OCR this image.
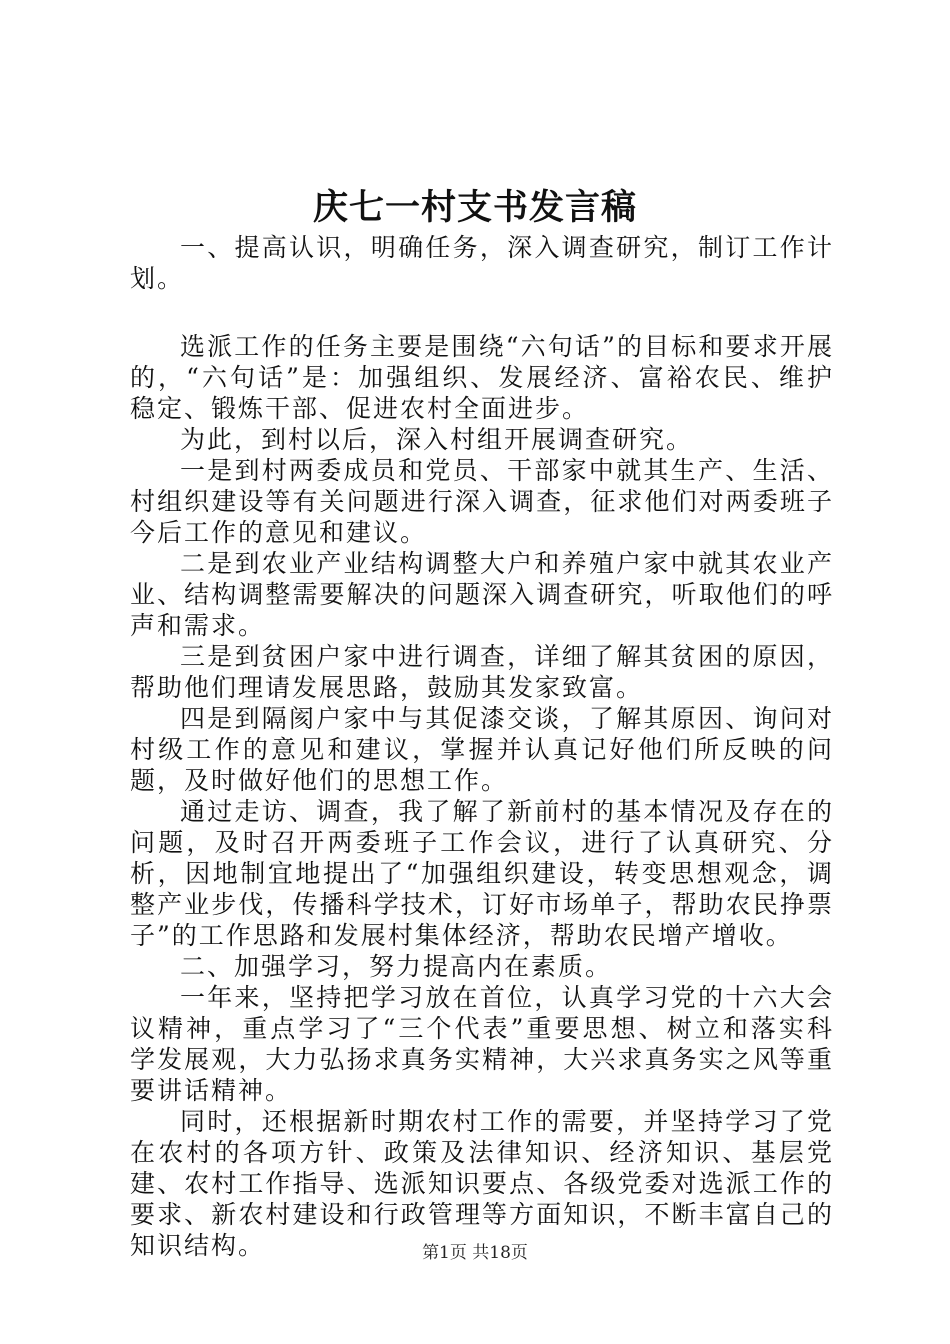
庆七一村支书发言稿

一、提高认识，明确任务，深入调查研究，制订工作计划。

选派工作的任务主要是围绕“六句话”的目标和要求开展的，“六句话”是：加强组织、发展经济、富裕农民、维护稳定、锻炼干部、促进农村全面进步。

为此，到村以后，深入村组开展调查研究。

一是到村两委成员和党员、干部家中就其生产、生活、村组织建设等有关问题进行深入调查，征求他们对两委班子今后工作的意见和建议。

二是到农业产业结构调整大户和养殖户家中就其农业产业、结构调整需要解决的问题深入调查研究，听取他们的呼声和需求。

三是到贫困户家中进行调查，详细了解其贫困的原因，帮助他们理请发展思路，鼓励其发家致富。

四是到隔阂户家中与其促漆交谈，了解其原因、询问对村级工作的意见和建议，掌握并认真记好他们所反映的问题，及时做好他们的思想工作。

通过走访、调查，我了解了新前村的基本情况及存在的问题，及时召开两委班子工作会议，进行了认真研究、分析，因地制宜地提出了“加强组织建设，转变思想观念，调整产业步伐，传播科学技术，订好市场单子，帮助农民挣票子”的工作思路和发展村集体经济，帮助农民增产增收。

二、加强学习，努力提高内在素质。

一年来，坚持把学习放在首位，认真学习党的十六大会议精神，重点学习了“三个代表”重要思想、树立和落实科学发展观，大力弘扬求真务实精神，大兴求真务实之风等重要讲话精神。

同时，还根据新时期农村工作的需要，并坚持学习了党在农村的各项方针、政策及法律知识、经济知识、基层党建、农村工作指导、选派知识要点、各级党委对选派工作的要求、新农村建设和行政管理等方面知识，不断丰富自己的知识结构。	第1页 共18页
